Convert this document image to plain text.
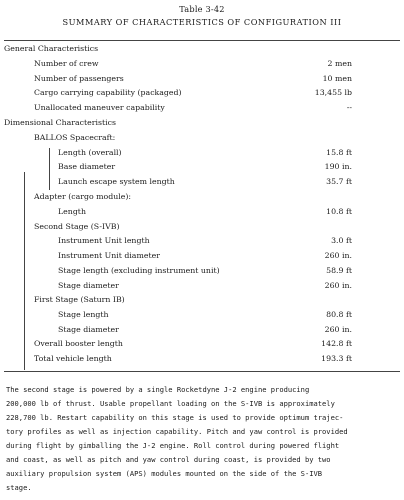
Table 3-42
SUMMARY OF CHARACTERISTICS OF CONFIGURATION III
General Characteristics
Number of crew	2 men
Number of passengers	10 men
Cargo carrying capability (packaged)	13,455 lb
Unallocated maneuver capability	--
Dimensional Characteristics
BALLOS Spacecraft:
Length (overall)	15.8 ft
Base diameter	190 in.
Launch escape system length	35.7 ft
Adapter (cargo module):
Length	10.8 ft
Second Stage (S-IVB)
Instrument Unit length	3.0 ft
Instrument Unit diameter	260 in.
Stage length (excluding instrument unit)	58.9 ft
Stage diameter	260 in.
First Stage (Saturn IB)
Stage length	80.8 ft
Stage diameter	260 in.
Overall booster length	142.8 ft
Total vehicle length	193.3 ft
The second stage is powered by a single Rocketdyne J-2 engine producing
200,000 lb of thrust. Usable propellant loading on the S-IVB is approximately
228,700 lb. Restart capability on this stage is used to provide optimum trajec-
tory profiles as well as injection capability. Pitch and yaw control is provided
during flight by gimballing the J-2 engine. Roll control during powered flight
and coast, as well as pitch and yaw control during coast, is provided by two
auxiliary propulsion system (APS) modules mounted on the side of the S-IVB
stage.
